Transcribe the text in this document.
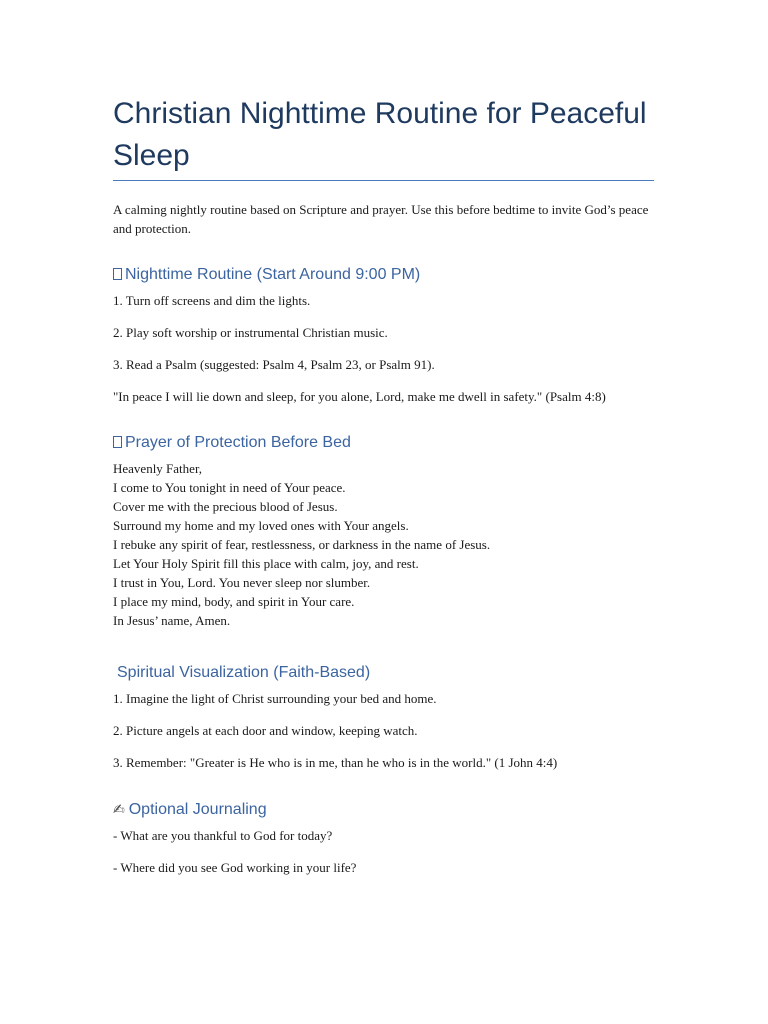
Christian Nighttime Routine for Peaceful Sleep

A calming nightly routine based on Scripture and prayer. Use this before bedtime to invite God’s peace and protection.

Nighttime Routine (Start Around 9:00 PM)

1. Turn off screens and dim the lights.

2. Play soft worship or instrumental Christian music.

3. Read a Psalm (suggested: Psalm 4, Psalm 23, or Psalm 91).

"In peace I will lie down and sleep, for you alone, Lord, make me dwell in safety." (Psalm 4:8)

Prayer of Protection Before Bed
Heavenly Father,
I come to You tonight in need of Your peace.
Cover me with the precious blood of Jesus.
Surround my home and my loved ones with Your angels.
I rebuke any spirit of fear, restlessness, or darkness in the name of Jesus.
Let Your Holy Spirit fill this place with calm, joy, and rest.
I trust in You, Lord. You never sleep nor slumber.
I place my mind, body, and spirit in Your care.
In Jesus’ name, Amen.
Spiritual Visualization (Faith-Based)

1. Imagine the light of Christ surrounding your bed and home.

2. Picture angels at each door and window, keeping watch.

3. Remember: "Greater is He who is in me, than he who is in the world." (1 John 4:4)

✍ Optional Journaling

- What are you thankful to God for today?

- Where did you see God working in your life?
